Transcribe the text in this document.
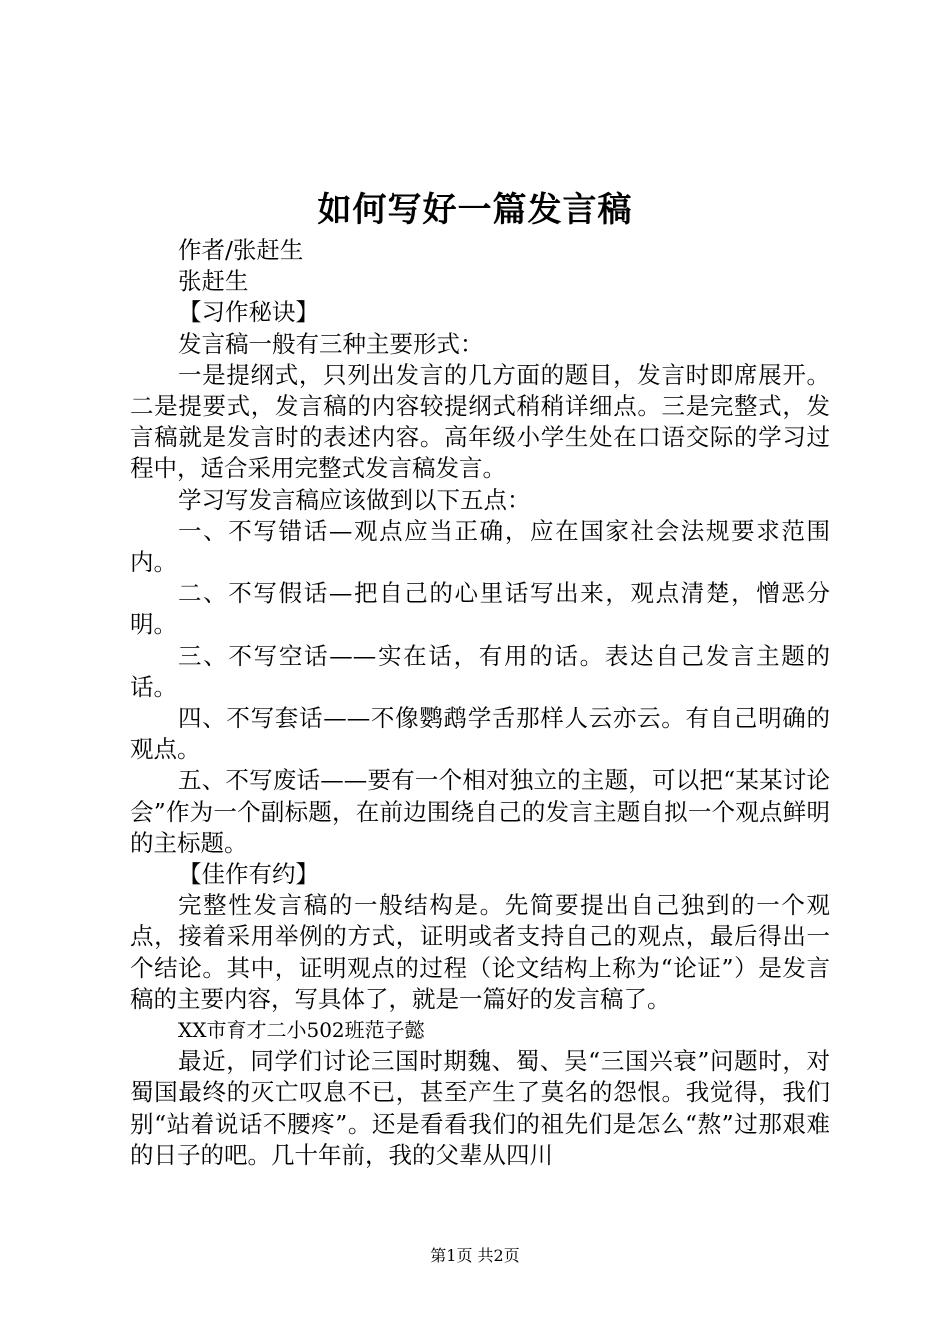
如何写好一篇发言稿

作者/张赶生

张赶生

【习作秘诀】

发言稿一般有三种主要形式：

一是提纲式，只列出发言的几方面的题目，发言时即席展开。二是提要式，发言稿的内容较提纲式稍稍详细点。三是完整式，发言稿就是发言时的表述内容。高年级小学生处在口语交际的学习过程中，适合采用完整式发言稿发言。

学习写发言稿应该做到以下五点：

一、不写错话—观点应当正确，应在国家社会法规要求范围内。

二、不写假话—把自己的心里话写出来，观点清楚，憎恶分明。

三、不写空话——实在话，有用的话。表达自己发言主题的话。

四、不写套话——不像鹦鹉学舌那样人云亦云。有自己明确的观点。

五、不写废话——要有一个相对独立的主题，可以把“某某讨论会”作为一个副标题，在前边围绕自己的发言主题自拟一个观点鲜明的主标题。

【佳作有约】

完整性发言稿的一般结构是。先简要提出自己独到的一个观点，接着采用举例的方式，证明或者支持自己的观点，最后得出一个结论。其中，证明观点的过程（论文结构上称为“论证”）是发言稿的主要内容，写具体了，就是一篇好的发言稿了。

XX市育才二小502班范子懿

最近，同学们讨论三国时期魏、蜀、吴“三国兴衰”问题时，对蜀国最终的灭亡叹息不已，甚至产生了莫名的怨恨。我觉得，我们别“站着说话不腰疼”。还是看看我们的祖先们是怎么“熬”过那艰难的日子的吧。几十年前，我的父辈从四川

第1页 共2页
